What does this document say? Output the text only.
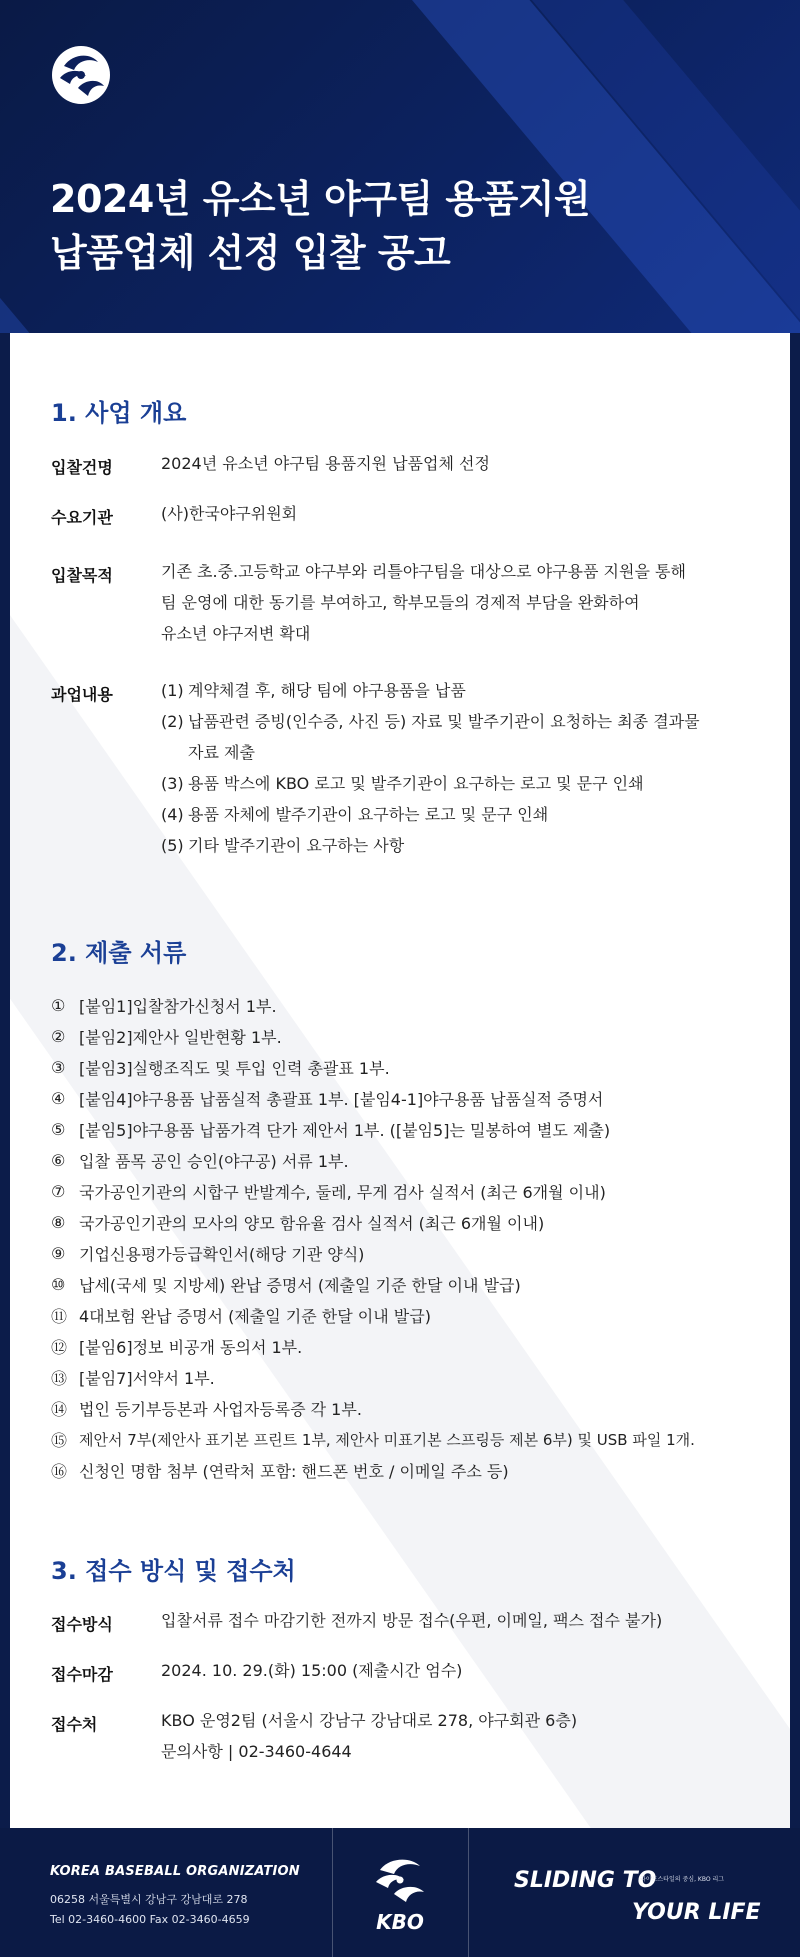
2024년 유소년 야구팀 용품지원
납품업체 선정 입찰 공고
1. 사업 개요
입찰건명	2024년 유소년 야구팀 용품지원 납품업체 선정
수요기관	(사)한국야구위원회
입찰목적	기존 초.중.고등학교 야구부와 리틀야구팀을 대상으로 야구용품 지원을 통해
팀 운영에 대한 동기를 부여하고, 학부모들의 경제적 부담을 완화하여
유소년 야구저변 확대
과업내용	(1) 계약체결 후, 해당 팀에 야구용품을 납품
(2) 납품관련 증빙(인수증, 사진 등) 자료 및 발주기관이 요청하는 최종 결과물
자료 제출
(3) 용품 박스에 KBO 로고 및 발주기관이 요구하는 로고 및 문구 인쇄
(4) 용품 자체에 발주기관이 요구하는 로고 및 문구 인쇄
(5) 기타 발주기관이 요구하는 사항
2. 제출 서류
① [붙임1]입찰참가신청서 1부.
② [붙임2]제안사 일반현황 1부.
③ [붙임3]실행조직도 및 투입 인력 총괄표 1부.
④ [붙임4]야구용품 납품실적 총괄표 1부. [붙임4-1]야구용품 납품실적 증명서
⑤ [붙임5]야구용품 납품가격 단가 제안서 1부. ([붙임5]는 밀봉하여 별도 제출)
⑥ 입찰 품목 공인 승인(야구공) 서류 1부.
⑦ 국가공인기관의 시합구 반발계수, 둘레, 무게 검사 실적서 (최근 6개월 이내)
⑧ 국가공인기관의 모사의 양모 함유율 검사 실적서 (최근 6개월 이내)
⑨ 기업신용평가등급확인서(해당 기관 양식)
⑩ 납세(국세 및 지방세) 완납 증명서 (제출일 기준 한달 이내 발급)
⑪ 4대보험 완납 증명서 (제출일 기준 한달 이내 발급)
⑫ [붙임6]정보 비공개 동의서 1부.
⑬ [붙임7]서약서 1부.
⑭ 법인 등기부등본과 사업자등록증 각 1부.
⑮ 제안서 7부(제안사 표기본 프린트 1부, 제안사 미표기본 스프링등 제본 6부) 및 USB 파일 1개.
⑯ 신청인 명함 첨부 (연락처 포함: 핸드폰 번호 / 이메일 주소 등)
3. 접수 방식 및 접수처
접수방식	입찰서류 접수 마감기한 전까지 방문 접수(우편, 이메일, 팩스 접수 불가)
접수마감	2024. 10. 29.(화) 15:00 (제출시간 엄수)
접수처	KBO 운영2팀 (서울시 강남구 강남대로 278, 야구회관 6층)
문의사항 | 02-3460-4644
KOREA BASEBALL ORGANIZATION
06258 서울특별시 강남구 강남대로 278
Tel 02-3460-4600 Fax 02-3460-4659	KBO
SLIDING TO
라이프스타일의 중심, KBO 리그
YOUR LIFE
